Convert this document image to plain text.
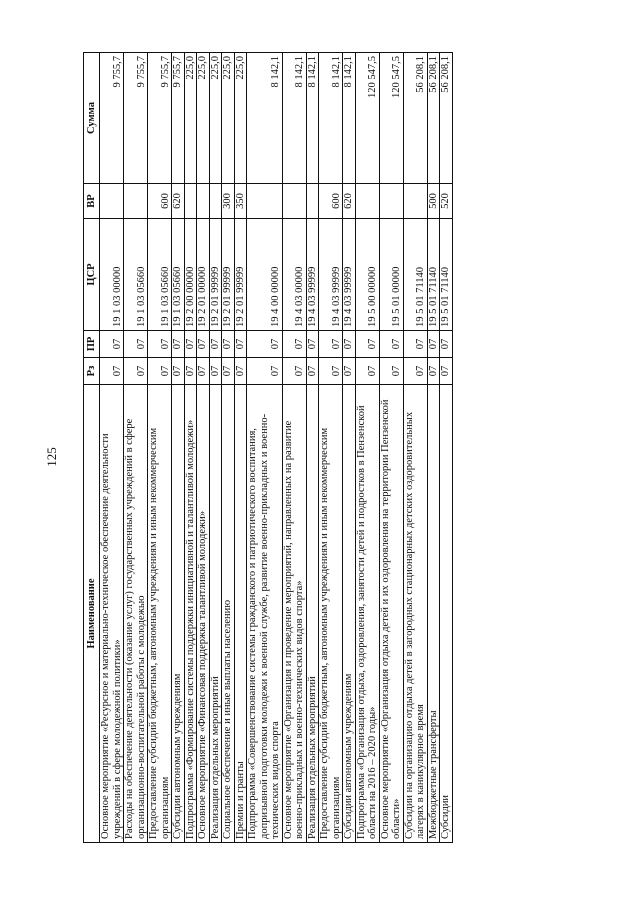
125
Наименование	Рз	ПР	ЦСР	ВР	Сумма
Основное мероприятие «Ресурсное и материально-техническое обеспечение деятельности учреждений в сфере молодежной политики»	07	07	19 1 03 00000		9 755,7
Расходы на обеспечение деятельности (оказание услуг) государственных учреждений в сфере организационно-воспитательной работы с молодежью	07	07	19 1 03 05660		9 755,7
Предоставление субсидий бюджетным, автономным учреждениям и иным некоммерческим организациям	07	07	19 1 03 05660	600	9 755,7
Субсидии автономным учреждениям	07	07	19 1 03 05660	620	9 755,7
Подпрограмма «Формирование системы поддержки инициативной и талантливой молодежи»	07	07	19 2 00 00000		225,0
Основное мероприятие «Финансовая поддержка талантливой молодежи»	07	07	19 2 01 00000		225,0
Реализация отдельных мероприятий	07	07	19 2 01 99999		225,0
Социальное обеспечение и иные выплаты населению	07	07	19 2 01 99999	300	225,0
Премии и гранты	07	07	19 2 01 99999	350	225,0
Подпрограмма «Совершенствование системы гражданского и патриотического воспитания, допризывной подготовки молодежи к военной службе, развитие военно-прикладных и военно-технических видов спорта	07	07	19 4 00 00000		8 142,1
Основное мероприятие «Организация и проведение мероприятий, направленных на развитие военно-прикладных и военно-технических видов спорта»	07	07	19 4 03 00000		8 142,1
Реализация отдельных мероприятий	07	07	19 4 03 99999		8 142,1
Предоставление субсидий бюджетным, автономным учреждениям и иным некоммерческим организациям	07	07	19 4 03 99999	600	8 142,1
Субсидии автономным учреждениям	07	07	19 4 03 99999	620	8 142,1
Подпрограмма «Организация отдыха, оздоровления, занятости детей и подростков в Пензенской области на 2016 – 2020 годы»	07	07	19 5 00 00000		120 547,5
Основное мероприятие «Организация отдыха детей и их оздоровления на территории Пензенской области»	07	07	19 5 01 00000		120 547,5
Субсидии на организацию отдыха детей в загородных стационарных детских оздоровительных лагерях в каникулярное время	07	07	19 5 01 71140		56 208,1
Межбюджетные трансферты	07	07	19 5 01 71140	500	56 208,1
Субсидии	07	07	19 5 01 71140	520	56 208,1
